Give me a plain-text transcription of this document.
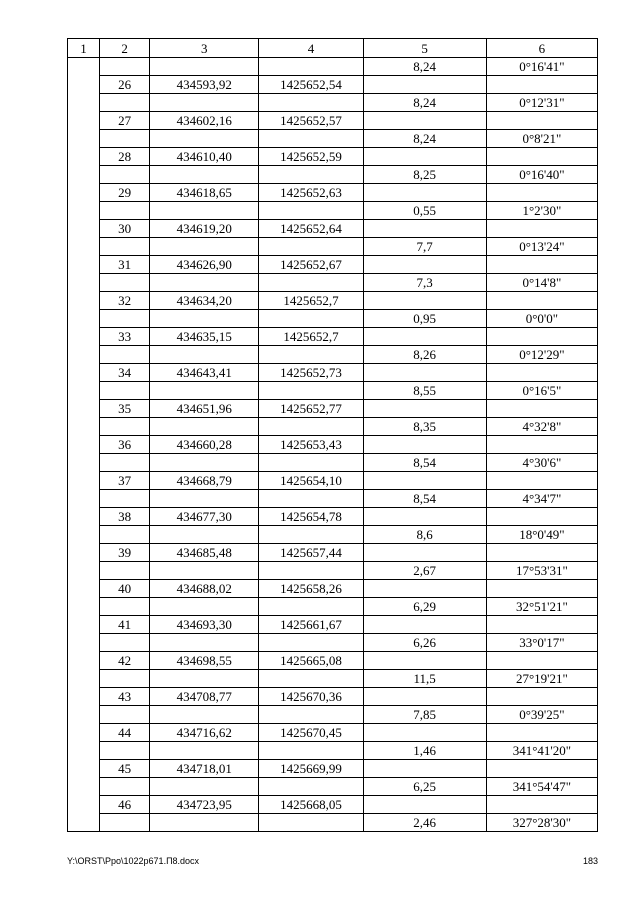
1	2	3	4	5	6
				8,24	0°16'41"
	26	434593,92	1425652,54		
				8,24	0°12'31"
	27	434602,16	1425652,57		
				8,24	0°8'21"
	28	434610,40	1425652,59		
				8,25	0°16'40"
	29	434618,65	1425652,63		
				0,55	1°2'30"
	30	434619,20	1425652,64		
				7,7	0°13'24"
	31	434626,90	1425652,67		
				7,3	0°14'8"
	32	434634,20	1425652,7		
				0,95	0°0'0"
	33	434635,15	1425652,7		
				8,26	0°12'29"
	34	434643,41	1425652,73		
				8,55	0°16'5"
	35	434651,96	1425652,77		
				8,35	4°32'8"
	36	434660,28	1425653,43		
				8,54	4°30'6"
	37	434668,79	1425654,10		
				8,54	4°34'7"
	38	434677,30	1425654,78		
				8,6	18°0'49"
	39	434685,48	1425657,44		
				2,67	17°53'31"
	40	434688,02	1425658,26		
				6,29	32°51'21"
	41	434693,30	1425661,67		
				6,26	33°0'17"
	42	434698,55	1425665,08		
				11,5	27°19'21"
	43	434708,77	1425670,36		
				7,85	0°39'25"
	44	434716,62	1425670,45		
				1,46	341°41'20"
	45	434718,01	1425669,99		
				6,25	341°54'47"
	46	434723,95	1425668,05		
				2,46	327°28'30"
Y:\ORST\Ppo\1022p671.П8.docx	183
